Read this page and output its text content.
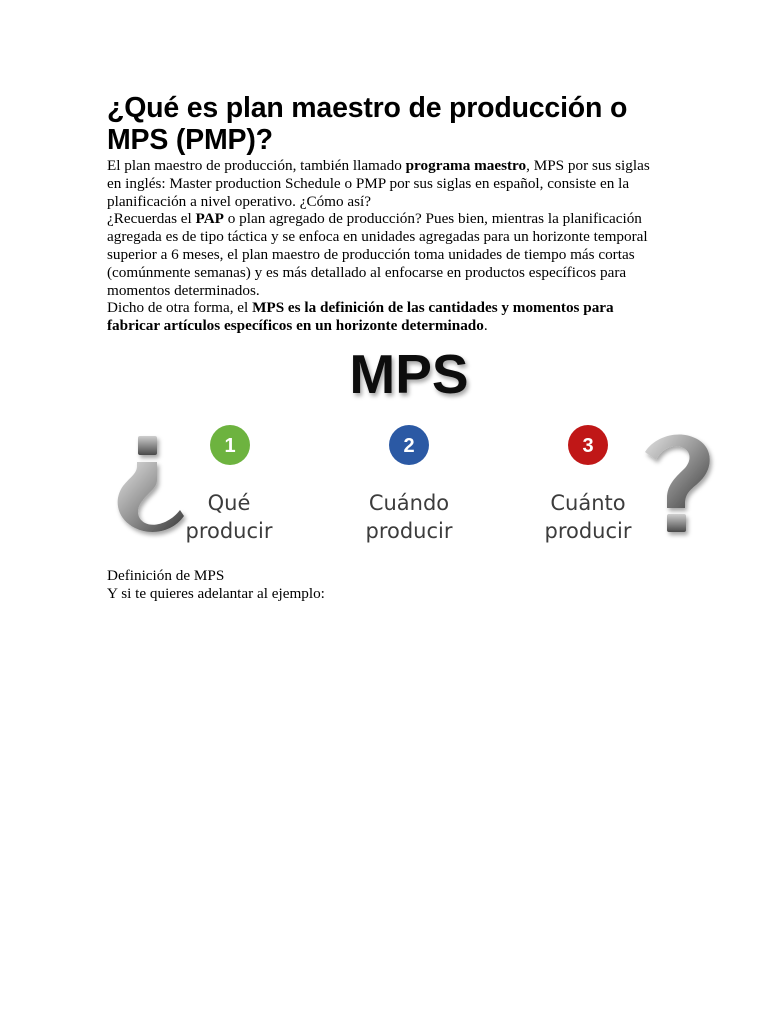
¿Qué es plan maestro de producción o MPS (PMP)?

El plan maestro de producción, también llamado programa maestro, MPS por sus siglas en inglés: Master production Schedule o PMP por sus siglas en español, consiste en la planificación a nivel operativo. ¿Cómo así?

¿Recuerdas el PAP o plan agregado de producción? Pues bien, mientras la planificación agregada es de tipo táctica y se enfoca en unidades agregadas para un horizonte temporal superior a 6 meses, el plan maestro de producción toma unidades de tiempo más cortas (comúnmente semanas) y es más detallado al enfocarse en productos específicos para momentos determinados.

Dicho de otra forma, el MPS es la definición de las cantidades y momentos para fabricar artículos específicos en un horizonte determinado.

MPS
1
Qué
producir
2
Cuándo
producir
3
Cuánto
producir

Definición de MPS

Y si te quieres adelantar al ejemplo:
